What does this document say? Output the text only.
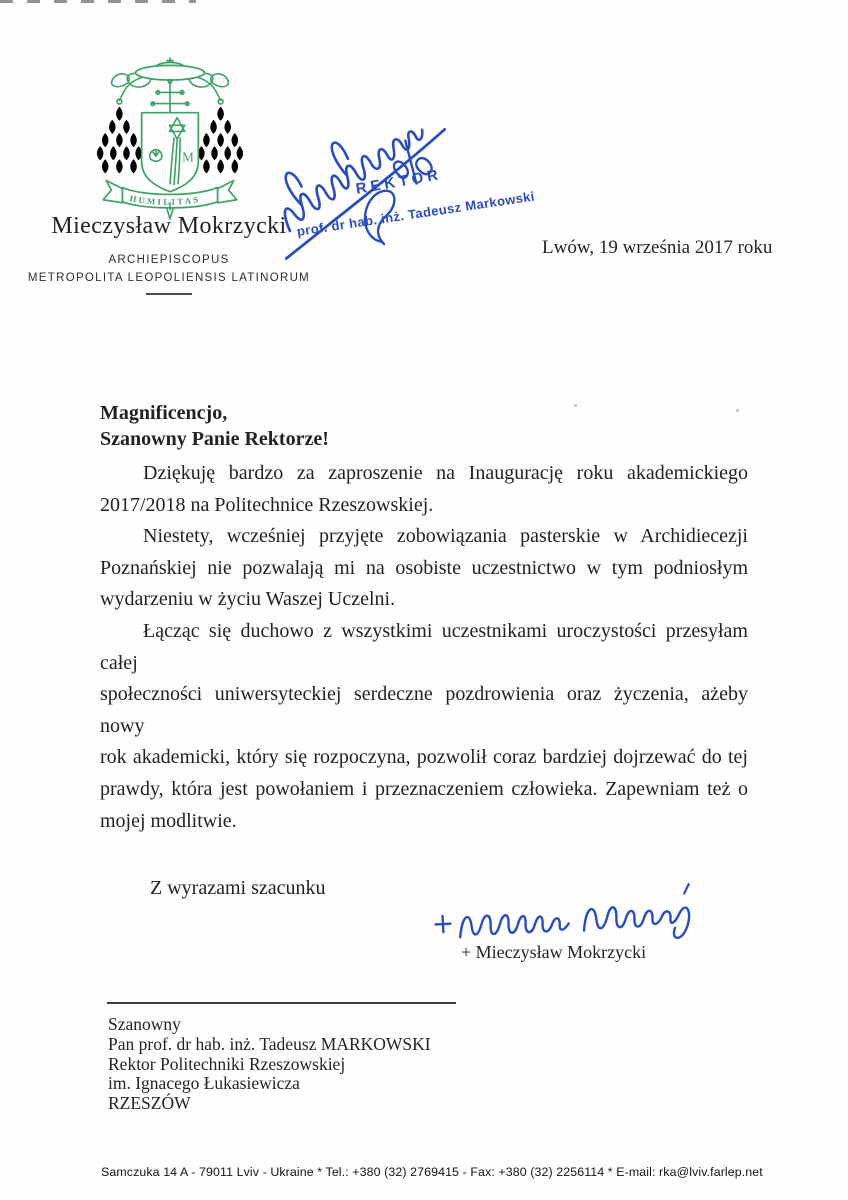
M
HUMILITAS
Mieczysław Mokrzycki
ARCHIEPISCOPUS
METROPOLITA LEOPOLIENSIS LATINORUM
REKTOR
prof. dr hab. inż. Tadeusz Markowski
Lwów, 19 września 2017 roku
Magnificencjo,
Szanowny Panie Rektorze!
Dziękuję bardzo za zaproszenie na Inaugurację roku akademickiego
2017/2018 na Politechnice Rzeszowskiej.
Niestety, wcześniej przyjęte zobowiązania pasterskie w Archidiecezji
Poznańskiej nie pozwalają mi na osobiste uczestnictwo w tym podniosłym
wydarzeniu w życiu Waszej Uczelni.
Łącząc się duchowo z wszystkimi uczestnikami uroczystości przesyłam całej
społeczności uniwersyteckiej serdeczne pozdrowienia oraz życzenia, ażeby nowy
rok akademicki, który się rozpoczyna, pozwolił coraz bardziej dojrzewać do tej
prawdy, która jest powołaniem i przeznaczeniem człowieka. Zapewniam też o
mojej modlitwie.
Z wyrazami szacunku
+ Mieczysław Mokrzycki
Szanowny
Pan prof. dr hab. inż. Tadeusz MARKOWSKI
Rektor Politechniki Rzeszowskiej
im. Ignacego Łukasiewicza
RZESZÓW
Samczuka 14 A - 79011 Lviv - Ukraine * Tel.: +380 (32) 2769415 - Fax: +380 (32) 2256114 * E-mail: rka@lviv.farlep.net
